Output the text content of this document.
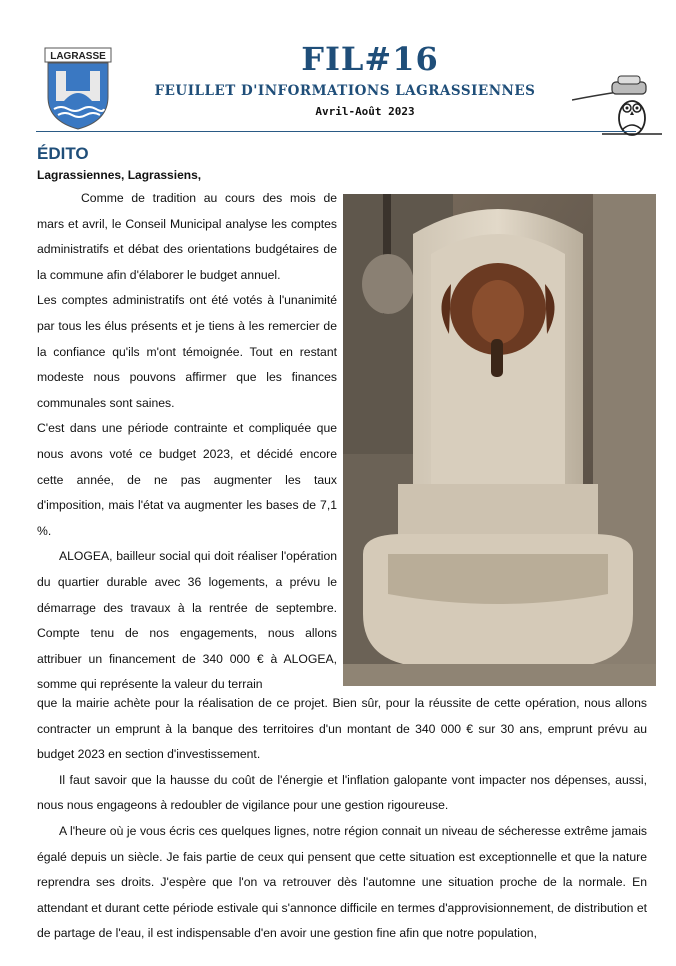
LAGRASSE	FIL#16
FEUILLET D'INFORMATIONS LAGRASSIENNES
Avril-Août 2023
ÉDITO
Lagrassiennes, Lagrassiens,

Comme de tradition au cours des mois de mars et avril, le Conseil Municipal analyse les comptes administratifs et débat des orientations budgétaires de la commune afin d'élaborer le budget annuel.

Les comptes administratifs ont été votés à l'unanimité par tous les élus présents et je tiens à les remercier de la confiance qu'ils m'ont témoignée. Tout en restant modeste nous pouvons affirmer que les finances communales sont saines.

C'est dans une période contrainte et compliquée que nous avons voté ce budget 2023, et décidé encore cette année, de ne pas augmenter les taux d'imposition, mais l'état va augmenter les bases de 7,1 %.

ALOGEA, bailleur social qui doit réaliser l'opération du quartier durable avec 36 logements, a prévu le démarrage des travaux à la rentrée de septembre. Compte tenu de nos engagements, nous allons attribuer un financement de 340 000 € à ALOGEA, somme qui représente la valeur du terrain

que la mairie achète pour la réalisation de ce projet. Bien sûr, pour la réussite de cette opération, nous allons contracter un emprunt à la banque des territoires d'un montant de 340 000 € sur 30 ans, emprunt prévu au budget 2023 en section d'investissement.

Il faut savoir que la hausse du coût de l'énergie et l'inflation galopante vont impacter nos dépenses, aussi, nous nous engageons à redoubler de vigilance pour une gestion rigoureuse.

A l'heure où je vous écris ces quelques lignes, notre région connait un niveau de sécheresse extrême jamais égalé depuis un siècle. Je fais partie de ceux qui pensent que cette situation est exceptionnelle et que la nature reprendra ses droits. J'espère que l'on va retrouver dès l'automne une situation proche de la normale. En attendant et durant cette période estivale qui s'annonce difficile en termes d'approvisionnement, de distribution et de partage de l'eau, il est indispensable d'en avoir une gestion fine afin que notre population,
